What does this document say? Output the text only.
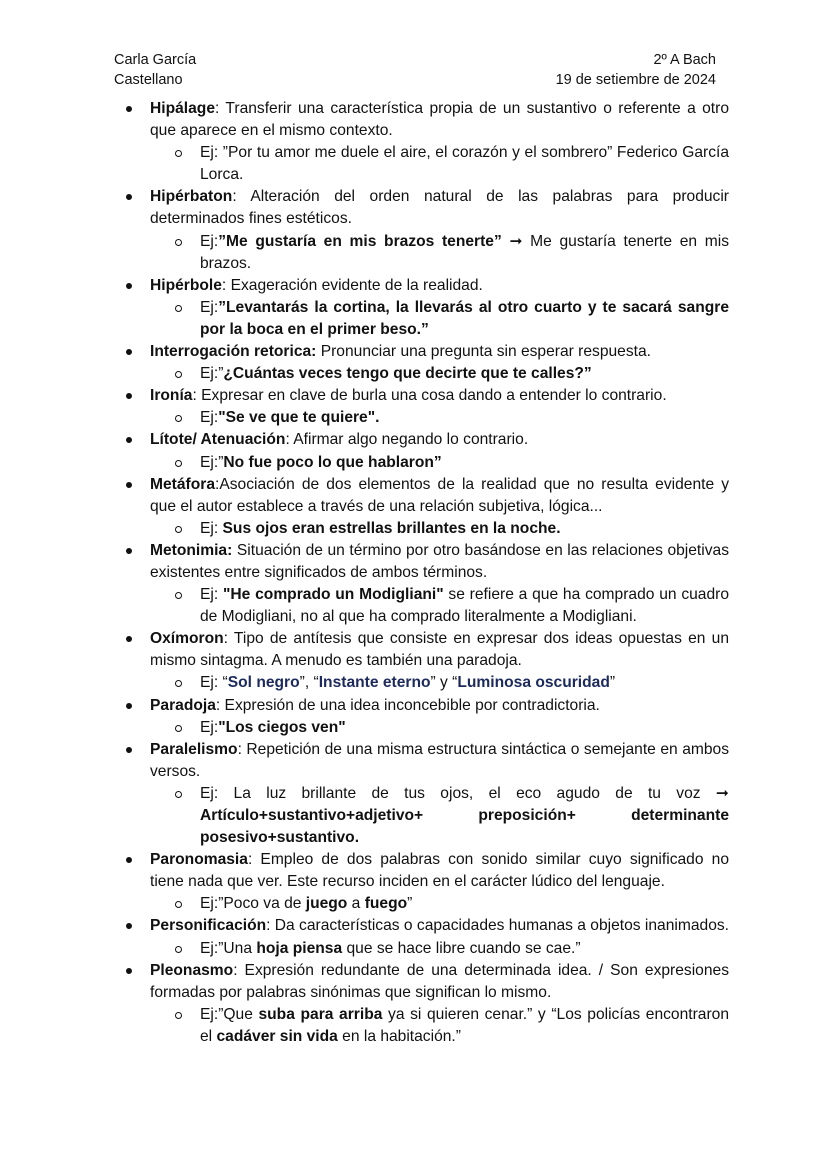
Carla García
Castellano
2º A Bach
19 de setiembre de 2024
Hipálage: Transferir una característica propia de un sustantivo o referente a otro que aparece en el mismo contexto.
Ej: ”Por tu amor me duele el aire, el corazón y el sombrero” Federico García Lorca.
Hipérbaton: Alteración del orden natural de las palabras para producir determinados fines estéticos.
Ej:”Me gustaría en mis brazos tenerte” ➞ Me gustaría tenerte en mis brazos.
Hipérbole: Exageración evidente de la realidad.
Ej:”Levantarás la cortina, la llevarás al otro cuarto y te sacará sangre por la boca en el primer beso.”
Interrogación retorica: Pronunciar una pregunta sin esperar respuesta.
Ej:”¿Cuántas veces tengo que decirte que te calles?”
Ironía: Expresar en clave de burla una cosa dando a entender lo contrario.
Ej:"Se ve que te quiere".
Lítote/ Atenuación: Afirmar algo negando lo contrario.
Ej:”No fue poco lo que hablaron”
Metáfora:Asociación de dos elementos de la realidad que no resulta evidente y que el autor establece a través de una relación subjetiva, lógica...
Ej: Sus ojos eran estrellas brillantes en la noche.
Metonimia: Situación de un término por otro basándose en las relaciones objetivas existentes entre significados de ambos términos.
Ej: "He comprado un Modigliani" se refiere a que ha comprado un cuadro de Modigliani, no al que ha comprado literalmente a Modigliani.
Oxímoron: Tipo de antítesis que consiste en expresar dos ideas opuestas en un mismo sintagma. A menudo es también una paradoja.
Ej: “Sol negro”, “Instante eterno” y “Luminosa oscuridad”
Paradoja: Expresión de una idea inconcebible por contradictoria.
Ej:"Los ciegos ven"
Paralelismo: Repetición de una misma estructura sintáctica o semejante en ambos versos.
Ej: La luz brillante de tus ojos, el eco agudo de tu voz ➞ Artículo+sustantivo+adjetivo+ preposición+ determinante posesivo+sustantivo.
Paronomasia: Empleo de dos palabras con sonido similar cuyo significado no tiene nada que ver. Este recurso inciden en el carácter lúdico del lenguaje.
Ej:”Poco va de juego a fuego”
Personificación: Da características o capacidades humanas a objetos inanimados.
Ej:”Una hoja piensa que se hace libre cuando se cae.”
Pleonasmo: Expresión redundante de una determinada idea. / Son expresiones formadas por palabras sinónimas que significan lo mismo.
Ej:”Que suba para arriba ya si quieren cenar.” y “Los policías encontraron el cadáver sin vida en la habitación.”
